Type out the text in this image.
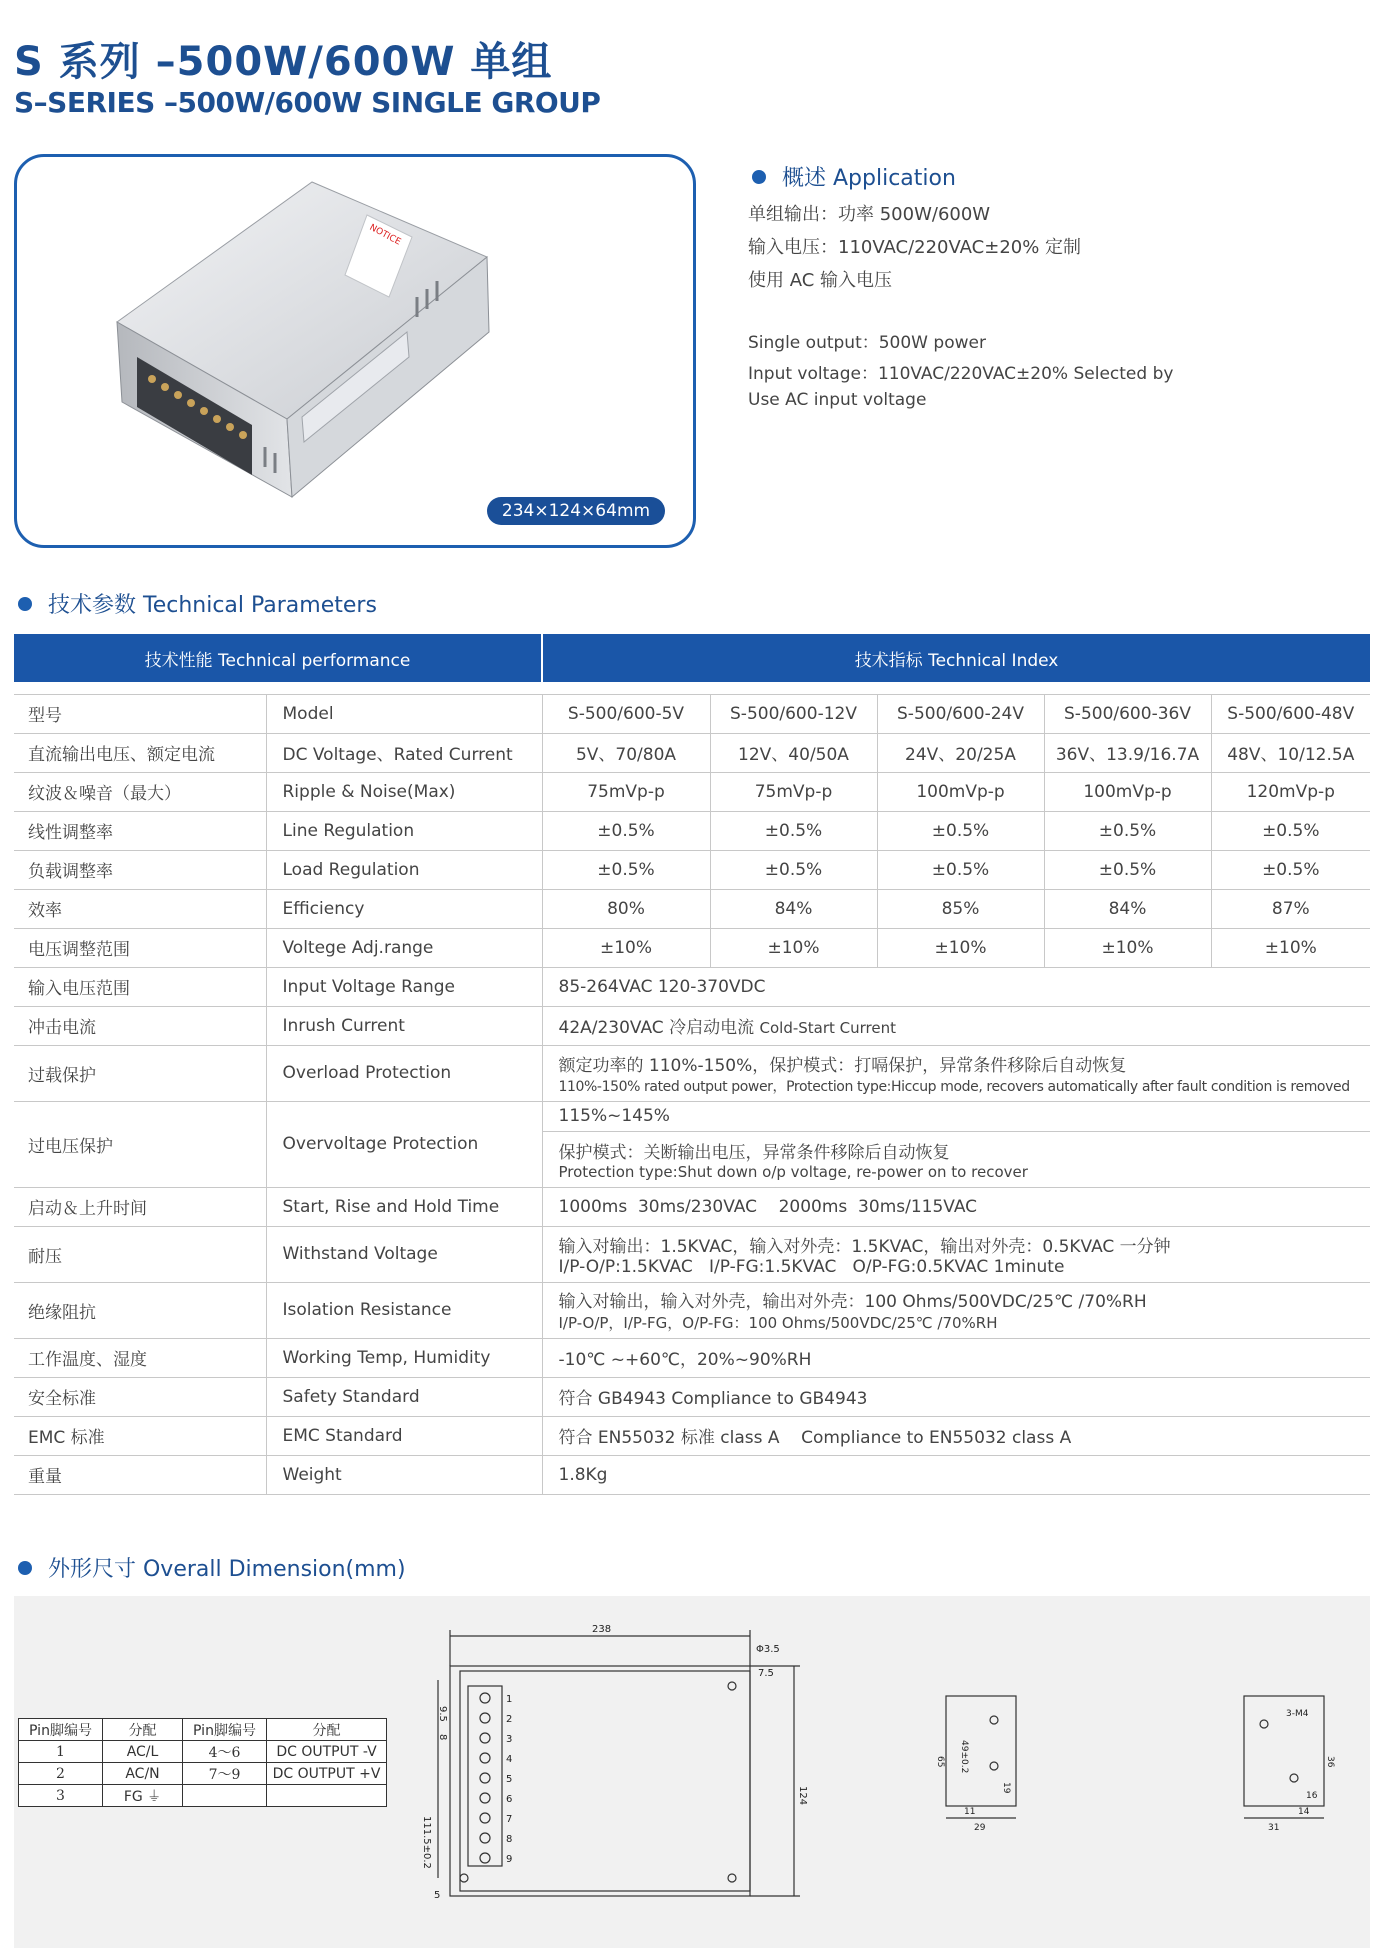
S 系列 –500W/600W 单组
S–SERIES –500W/600W SINGLE GROUP
NOTICE
234×124×64mm
概述 Application
单组输出：功率 500W/600W
输入电压：110VAC/220VAC±20% 定制
使用 AC 输入电压
Single output：500W power
Input voltage：110VAC/220VAC±20% Selected by
Use AC input voltage
技术参数 Technical Parameters
技术性能 Technical performance		技术指标 Technical Index				

型号	Model	S-500/600-5V	S-500/600-12V	S-500/600-24V	S-500/600-36V	S-500/600-48V
直流输出电压、额定电流	DC Voltage、Rated Current	5V、70/80A	12V、40/50A	24V、20/25A	36V、13.9/16.7A	48V、10/12.5A
纹波＆噪音（最大）	Ripple & Noise(Max)	75mVp-p	75mVp-p	100mVp-p	100mVp-p	120mVp-p
线性调整率	Line Regulation	±0.5%	±0.5%	±0.5%	±0.5%	±0.5%
负载调整率	Load Regulation	±0.5%	±0.5%	±0.5%	±0.5%	±0.5%
效率	Efficiency	80%	84%	85%	84%	87%
电压调整范围	Voltege Adj.range	±10%	±10%	±10%	±10%	±10%
输入电压范围	Input Voltage Range	85-264VAC 120-370VDC				
冲击电流	Inrush Current	42A/230VAC 冷启动电流 Cold-Start Current				
过载保护	Overload Protection	额定功率的 110%-150%，保护模式：打嗝保护，异常条件移除后自动恢复
110%-150% rated output power，Protection type:Hiccup mode, recovers automatically after fault condition is removed				

过电压保护	Overvoltage Protection	115%~145%				

		保护模式：关断输出电压，异常条件移除后自动恢复
Protection type:Shut down o/p voltage, re-power on to recover				

启动＆上升时间	Start, Rise and Hold Time	1000ms  30ms/230VAC    2000ms  30ms/115VAC				
耐压	Withstand Voltage	输入对输出：1.5KVAC，输入对外壳：1.5KVAC，输出对外壳：0.5KVAC 一分钟
I/P-O/P:1.5KVAC   I/P-FG:1.5KVAC   O/P-FG:0.5KVAC 1minute				

绝缘阻抗	Isolation Resistance	输入对输出，输入对外壳，输出对外壳：100 Ohms/500VDC/25℃ /70%RH
I/P-O/P，I/P-FG，O/P-FG：100 Ohms/500VDC/25℃ /70%RH				

工作温度、湿度	Working Temp, Humidity	-10℃ ~+60℃，20%~90%RH				
安全标准	Safety Standard	符合 GB4943 Compliance to GB4943				
EMC 标准	EMC Standard	符合 EN55032 标准 class A    Compliance to EN55032 class A				
重量	Weight	1.8Kg				
外形尺寸 Overall Dimension(mm)
Pin脚编号	分配	Pin脚编号	分配
1	AC/L	4～6	DC OUTPUT -V
2	AC/N	7～9	DC OUTPUT +V
3	FG ⏚		
238
124
111.5±0.2
9.5
8
5
7.5
Φ3.5
1
2
3
4
5
6
7
8
9
49±0.2
65
19
11
29
3-M4
36
16
14
31
